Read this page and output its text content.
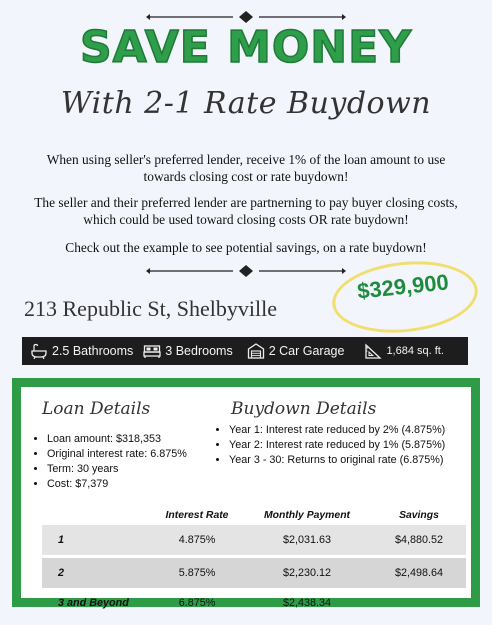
SAVE MONEY
With 2-1 Rate Buydown
When using seller's preferred lender, receive 1% of the loan amount to use towards closing cost or rate buydown!
The seller and their preferred lender are partnerning to pay buyer closing costs, which could be used toward closing costs OR rate buydown!
Check out the example to see potential savings, on a rate buydown!
213 Republic St, Shelbyville
$329,900
2.5 Bathrooms	3 Bedrooms	2 Car Garage	1,684 sq. ft.
Loan Details
• Loan amount: $318,353
• Original interest rate: 6.875%
• Term: 30 years
• Cost: $7,379
Buydown Details
• Year 1: Interest rate reduced by 2% (4.875%)
• Year 2: Interest rate reduced by 1% (5.875%)
• Year 3 - 30: Returns to original rate (6.875%)
	Interest Rate	Monthly Payment	Savings
1	4.875%	$2,031.63	$4,880.52
2	5.875%	$2,230.12	$2,498.64
3 and Beyond	6.875%	$2,438.34	
